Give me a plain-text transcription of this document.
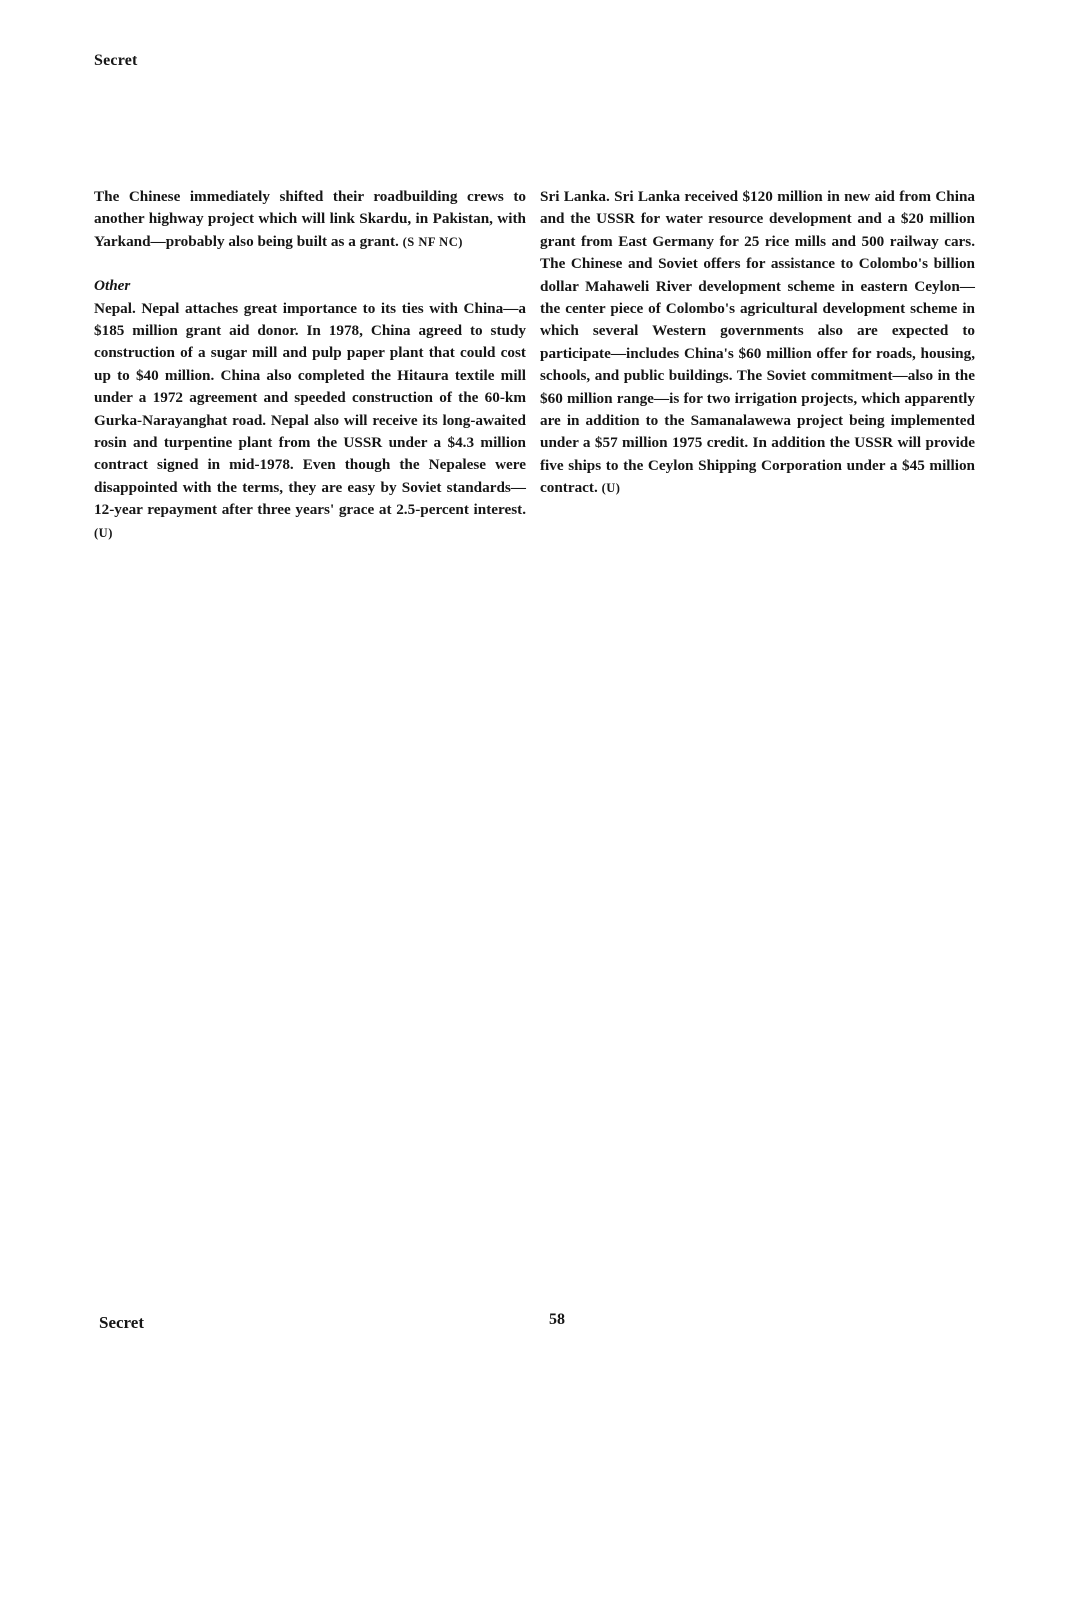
Secret

The Chinese immediately shifted their roadbuilding crews to another highway project which will link Skardu, in Pakistan, with Yarkand—probably also being built as a grant. (S NF NC)

Other

Nepal. Nepal attaches great importance to its ties with China—a $185 million grant aid donor. In 1978, China agreed to study construction of a sugar mill and pulp paper plant that could cost up to $40 million. China also completed the Hitaura textile mill under a 1972 agreement and speeded construction of the 60-km Gurka-Narayanghat road. Nepal also will receive its long-awaited rosin and turpentine plant from the USSR under a $4.3 million contract signed in mid-1978. Even though the Nepalese were disappointed with the terms, they are easy by Soviet standards—12-year repayment after three years' grace at 2.5-percent interest. (U)

Sri Lanka. Sri Lanka received $120 million in new aid from China and the USSR for water resource development and a $20 million grant from East Germany for 25 rice mills and 500 railway cars. The Chinese and Soviet offers for assistance to Colombo's billion dollar Mahaweli River development scheme in eastern Ceylon—the center piece of Colombo's agricultural development scheme in which several Western governments also are expected to participate—includes China's $60 million offer for roads, housing, schools, and public buildings. The Soviet commitment—also in the $60 million range—is for two irrigation projects, which apparently are in addition to the Samanalawewa project being implemented under a $57 million 1975 credit. In addition the USSR will provide five ships to the Ceylon Shipping Corporation under a $45 million contract. (U)

Secret	58
